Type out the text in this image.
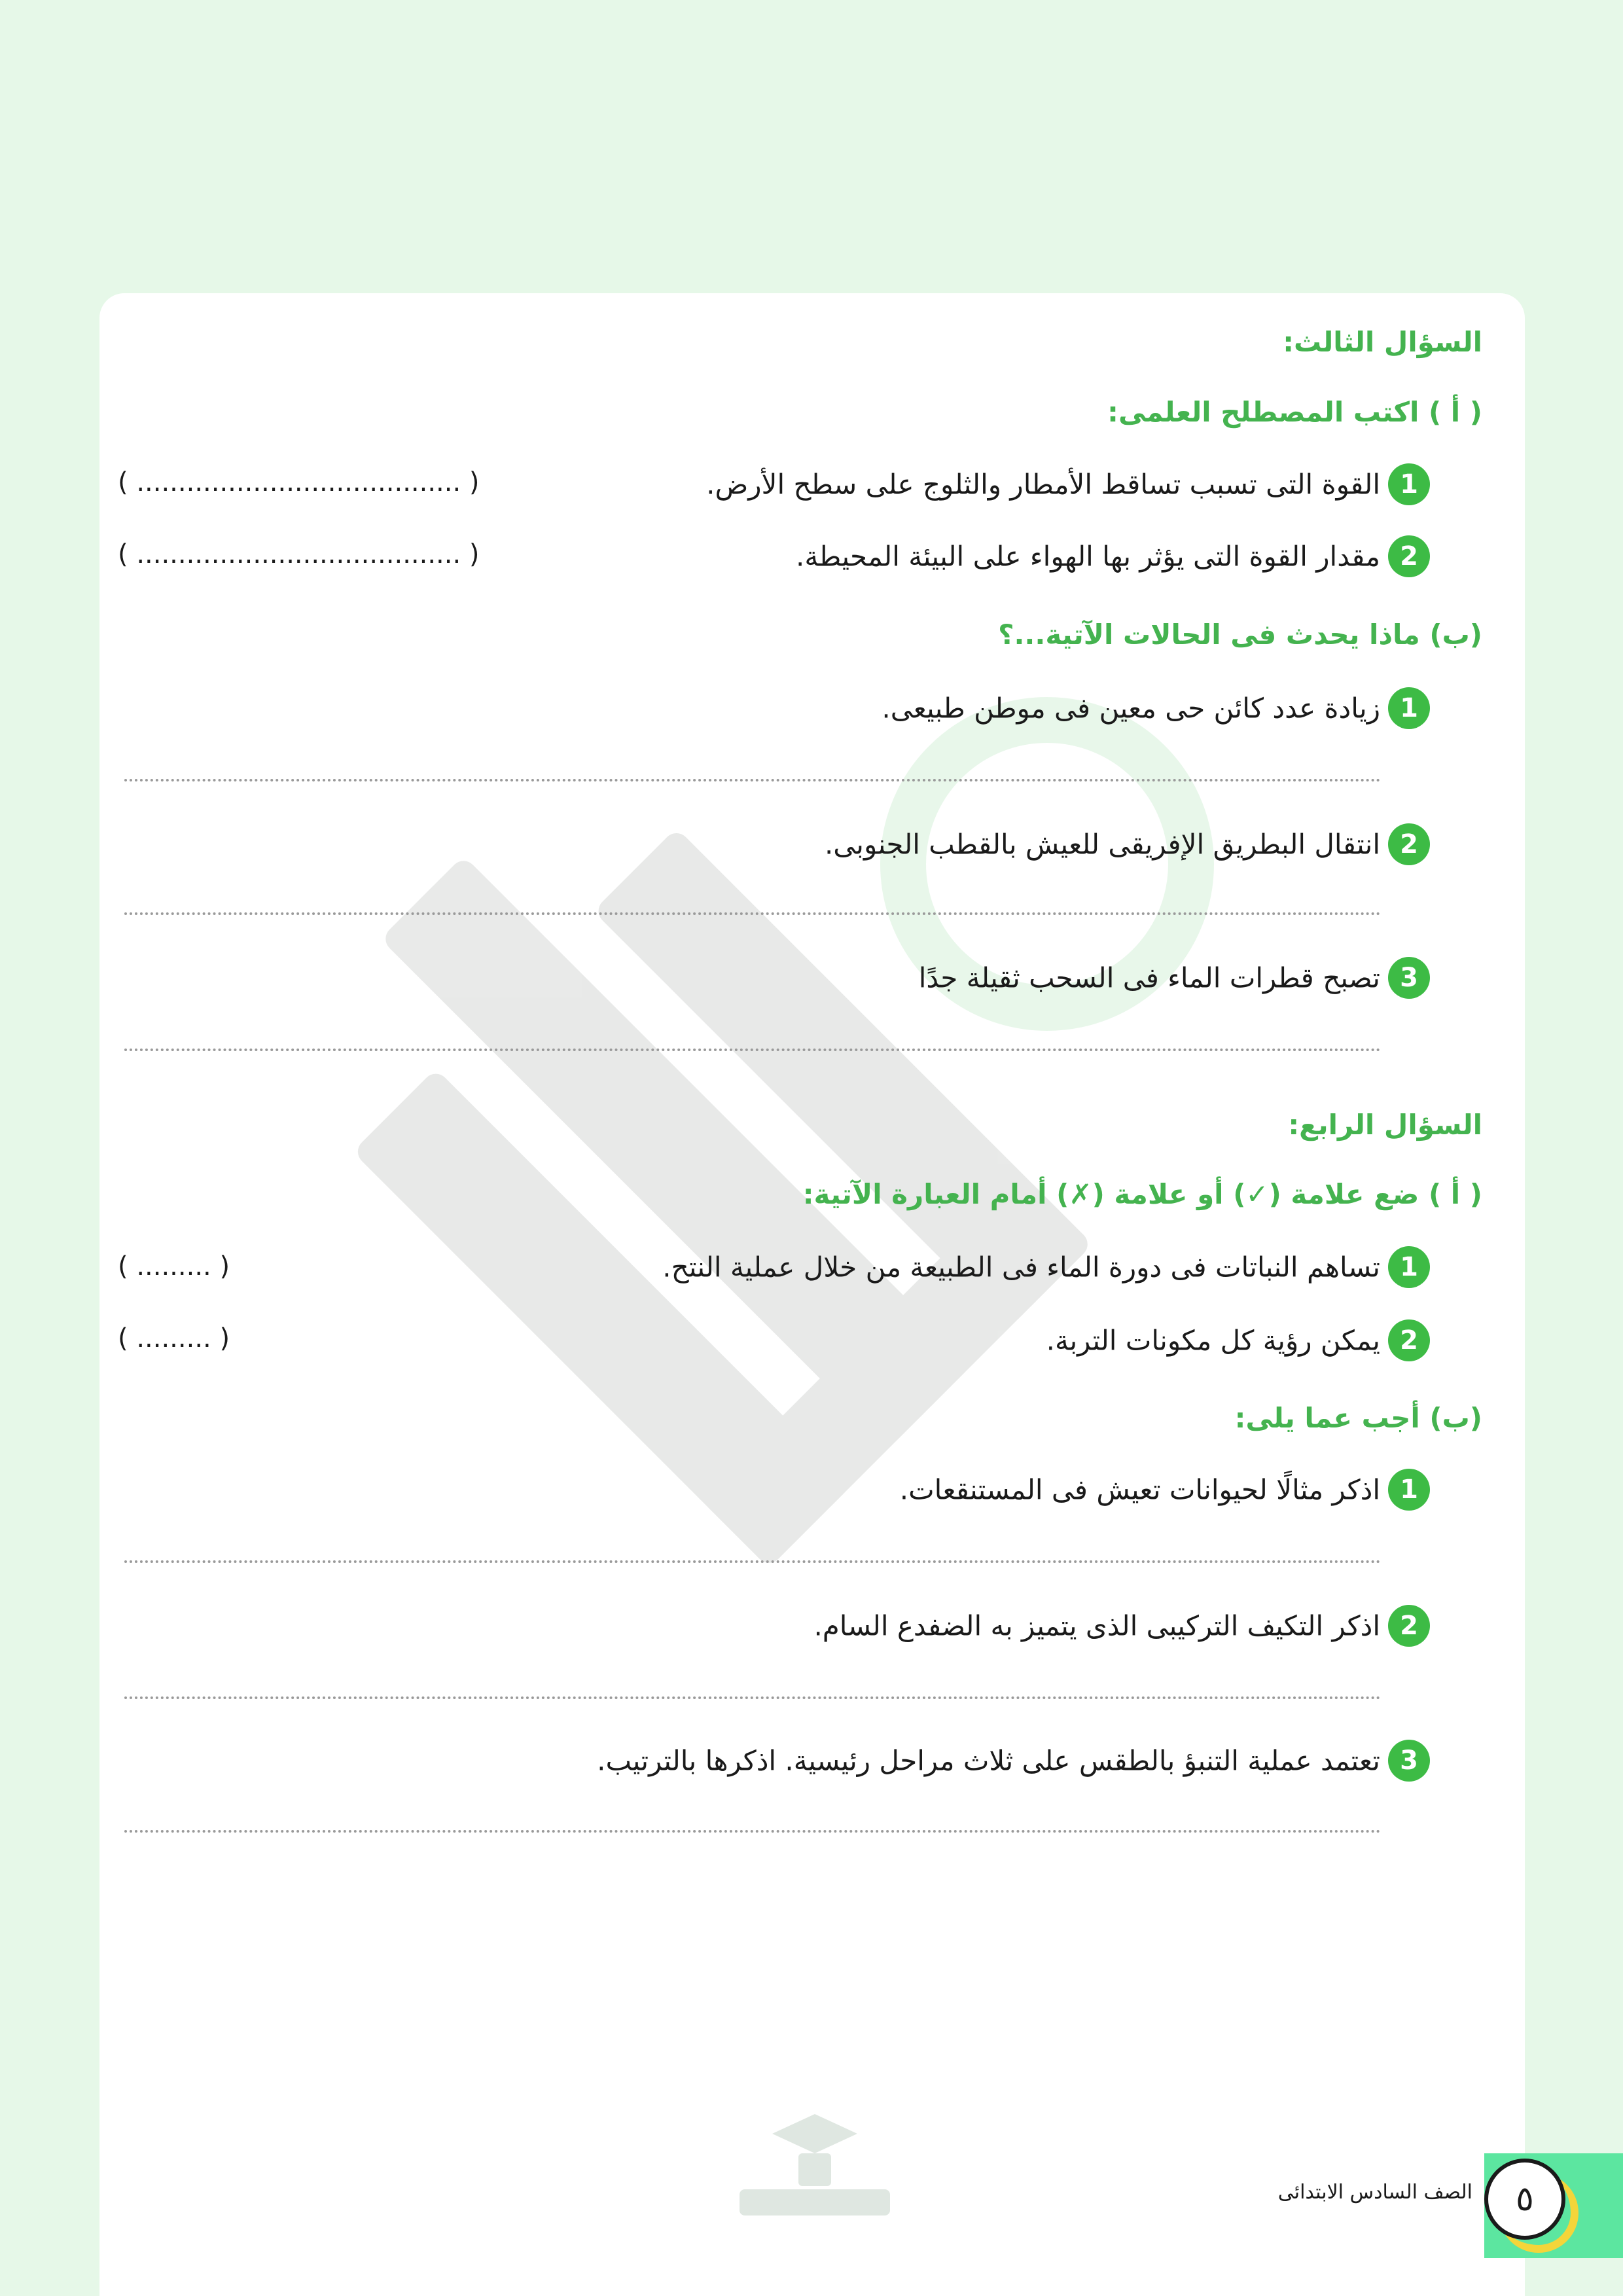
السؤال الثالث:
( أ ) اكتب المصطلح العلمى:
1القوة التى تسبب تساقط الأمطار والثلوج على سطح الأرض.
( ....................................... )
2مقدار القوة التى يؤثر بها الهواء على البيئة المحيطة.
( ....................................... )
(ب) ماذا يحدث فى الحالات الآتية...؟
1زيادة عدد كائن حى معين فى موطن طبيعى.
2انتقال البطريق الإفريقى للعيش بالقطب الجنوبى.
3تصبح قطرات الماء فى السحب ثقيلة جدًا
السؤال الرابع:
( أ ) ضع علامة (✓) أو علامة (✗) أمام العبارة الآتية:
1تساهم النباتات فى دورة الماء فى الطبيعة من خلال عملية النتح.
( ......... )
2يمكن رؤية كل مكونات التربة.
( ......... )
(ب) أجب عما يلى:
1اذكر مثالًا لحيوانات تعيش فى المستنقعات.
2اذكر التكيف التركيبى الذى يتميز به الضفدع السام.
3تعتمد عملية التنبؤ بالطقس على ثلاث مراحل رئيسية. اذكرها بالترتيب.
٥
الصف السادس الابتدائى
